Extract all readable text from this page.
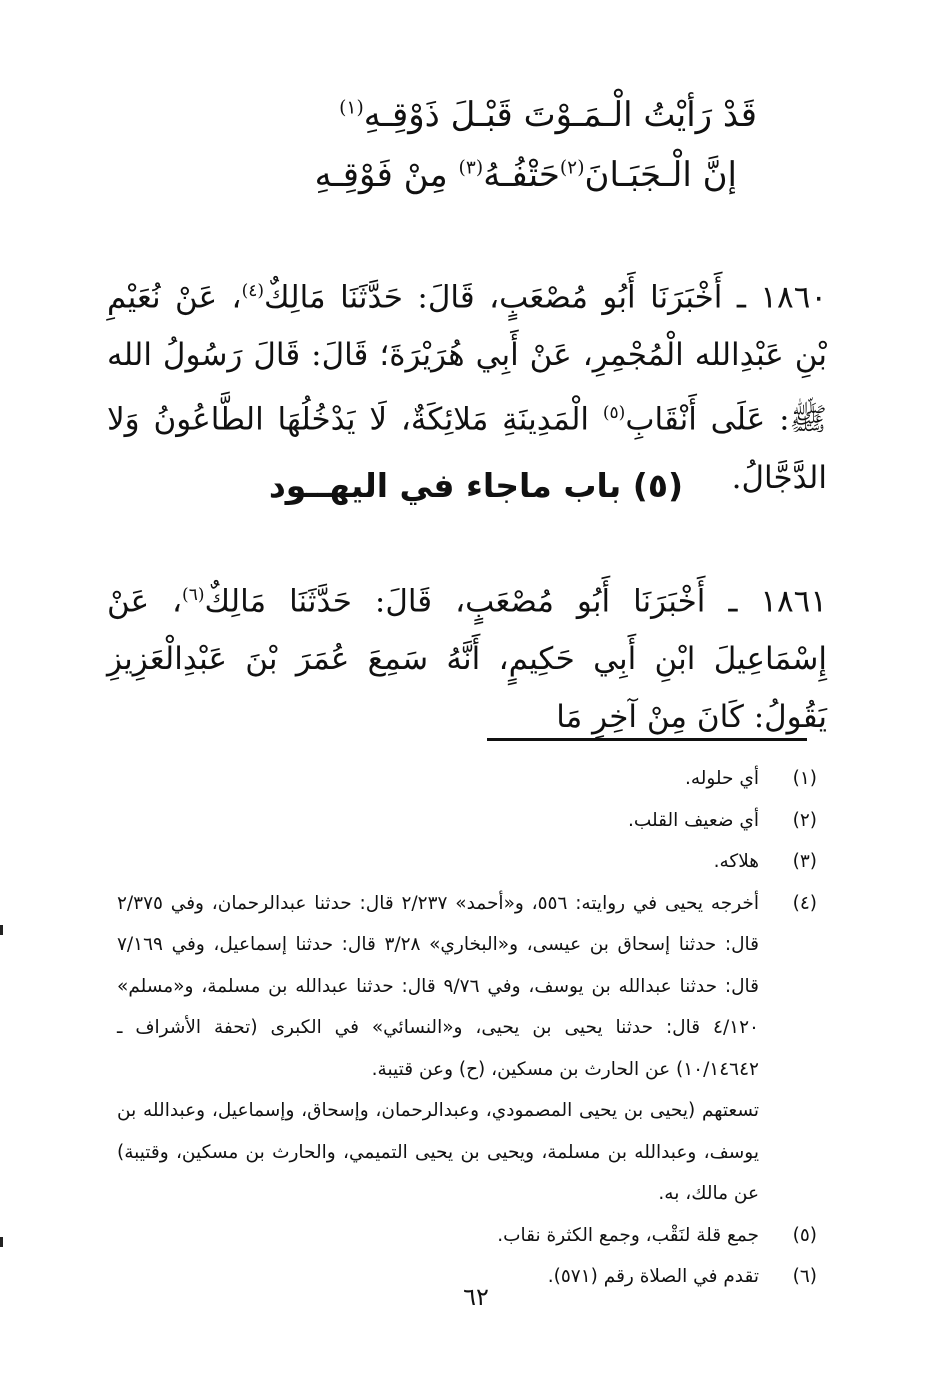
قَدْ رَأيْتُ الْـمَـوْتَ قَبْـلَ ذَوْقِـهِ$^{(١)}$
إنَّ الْـجَبَـانَ$^{(٢)}$حَتْفُـهُ$^{(٣)}$ مِنْ فَوْقِـهِ
١٨٦٠ ـ أَخْبَرَنَا أَبُو مُصْعَبٍ، قَالَ: حَدَّثَنَا مَالِكٌ$^{(٤)}$، عَنْ نُعَيْمِ بْنِ عَبْدِالله الْمُجْمِرِ، عَنْ أَبِي هُرَيْرَةَ؛ قَالَ: قَالَ رَسُولُ الله ﷺ: عَلَى أَنْقَابِ$^{(٥)}$ الْمَدِينَةِ مَلائِكَةٌ، لَا يَدْخُلُهَا الطَّاعُونُ وَلا الدَّجَّالُ.
(٥) باب ماجاء في اليهــود
١٨٦١ ـ أَخْبَرَنَا أَبُو مُصْعَبٍ، قَالَ: حَدَّثَنَا مَالِكٌ$^{(٦)}$، عَنْ إِسْمَاعِيلَ ابْنِ أَبِي حَكِيمٍ، أَنَّهُ سَمِعَ عُمَرَ بْنَ عَبْدِالْعَزِيزِ يَقُولُ: كَانَ مِنْ آخِرِ مَا
(١)
أي حلوله.
(٢)
أي ضعيف القلب.
(٣)
هلاكه.
(٤)
أخرجه يحيى في روايته: ٥٥٦، و«أحمد» ٢/٢٣٧ قال: حدثنا عبدالرحمان، وفي ٢/٣٧٥ قال: حدثنا إسحاق بن عيسى، و«البخاري» ٣/٢٨ قال: حدثنا إسماعيل، وفي ٧/١٦٩ قال: حدثنا عبدالله بن يوسف، وفي ٩/٧٦ قال: حدثنا عبدالله بن مسلمة، و«مسلم» ٤/١٢٠ قال: حدثنا يحيى بن يحيى، و«النسائي» في الكبرى (تحفة الأشراف ـ ١٠/١٤٦٤٢) عن الحارث بن مسكين، (ح) وعن قتيبة.
تسعتهم (يحيى بن يحيى المصمودي، وعبدالرحمان، وإسحاق، وإسماعيل، وعبدالله بن يوسف، وعبدالله بن مسلمة، ويحيى بن يحيى التميمي، والحارث بن مسكين، وقتيبة) عن مالك، به.
(٥)
جمع قلة لنَقْب، وجمع الكثرة نقاب.
(٦)
تقدم في الصلاة رقم (٥٧١).
٦٢
